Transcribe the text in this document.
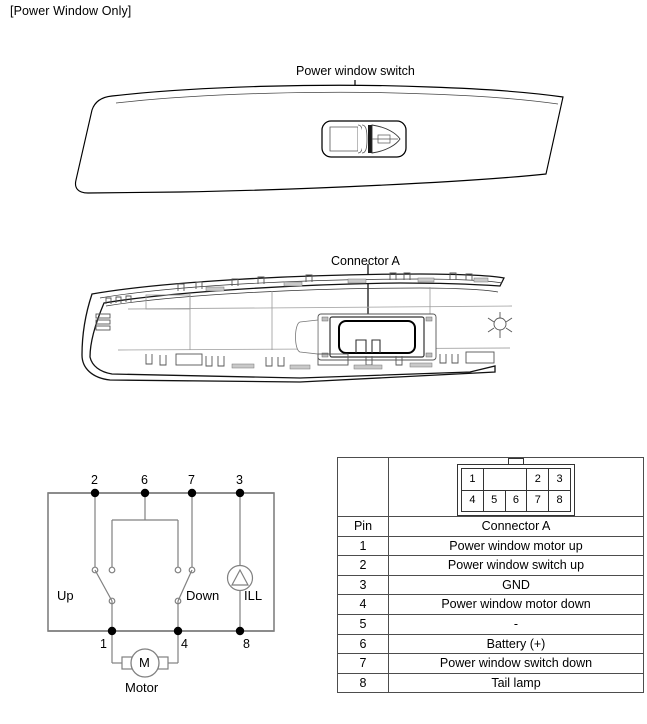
[Power Window Only]
Power window switch
Connector A
2	6	7	3
1	4	8
Up	Down ILL
M
Motor

1		2	3
4	5	6	7	8

Pin	Connector A
1	Power window motor up
2	Power window switch up
3	GND
4	Power window motor down
5	-
6	Battery (+)
7	Power window switch down
8	Tail lamp
